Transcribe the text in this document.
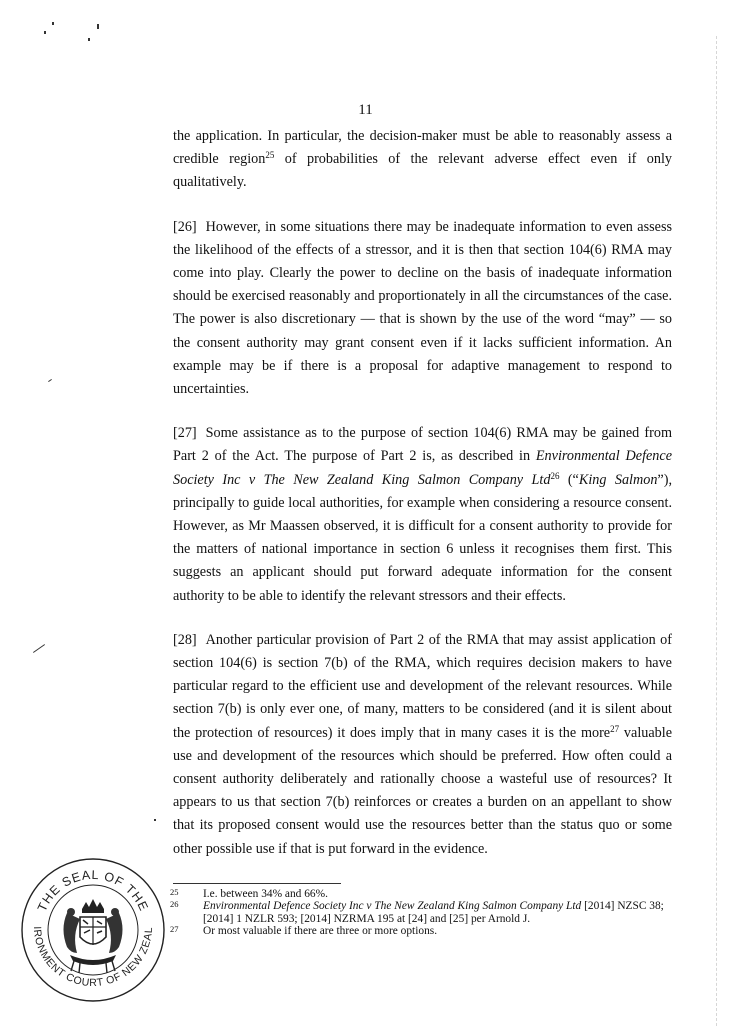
11

the application. In particular, the decision-maker must be able to reasonably assess a credible region$^{25}$ of probabilities of the relevant adverse effect even if only qualitatively.

[26] However, in some situations there may be inadequate information to even assess the likelihood of the effects of a stressor, and it is then that section 104(6) RMA may come into play. Clearly the power to decline on the basis of inadequate information should be exercised reasonably and proportionately in all the circumstances of the case. The power is also discretionary — that is shown by the use of the word “may” — so the consent authority may grant consent even if it lacks sufficient information. An example may be if there is a proposal for adaptive management to respond to uncertainties.

[27] Some assistance as to the purpose of section 104(6) RMA may be gained from Part 2 of the Act. The purpose of Part 2 is, as described in Environmental Defence Society Inc v The New Zealand King Salmon Company Ltd$^{26}$ (“King Salmon”), principally to guide local authorities, for example when considering a resource consent. However, as Mr Maassen observed, it is difficult for a consent authority to provide for the matters of national importance in section 6 unless it recognises them first. This suggests an applicant should put forward adequate information for the consent authority to be able to identify the relevant stressors and their effects.

[28] Another particular provision of Part 2 of the RMA that may assist application of section 104(6) is section 7(b) of the RMA, which requires decision makers to have particular regard to the efficient use and development of the relevant resources. While section 7(b) is only ever one, of many, matters to be considered (and it is silent about the protection of resources) it does imply that in many cases it is the more$^{27}$ valuable use and development of the resources which should be preferred. How often could a consent authority deliberately and rationally choose a wasteful use of resources? It appears to us that section 7(b) reinforces or creates a burden on an appellant to show that its proposed consent would use the resources better than the status quo or some other possible use if that is put forward in the evidence.

25 I.e. between 34% and 66%.
26 Environmental Defence Society Inc v The New Zealand King Salmon Company Ltd [2014] NZSC 38; [2014] 1 NZLR 593; [2014] NZRMA 195 at [24] and [25] per Arnold J.
27 Or most valuable if there are three or more options.
THE SEAL OF THE
IRONMENT COURT OF NEW ZEAL
